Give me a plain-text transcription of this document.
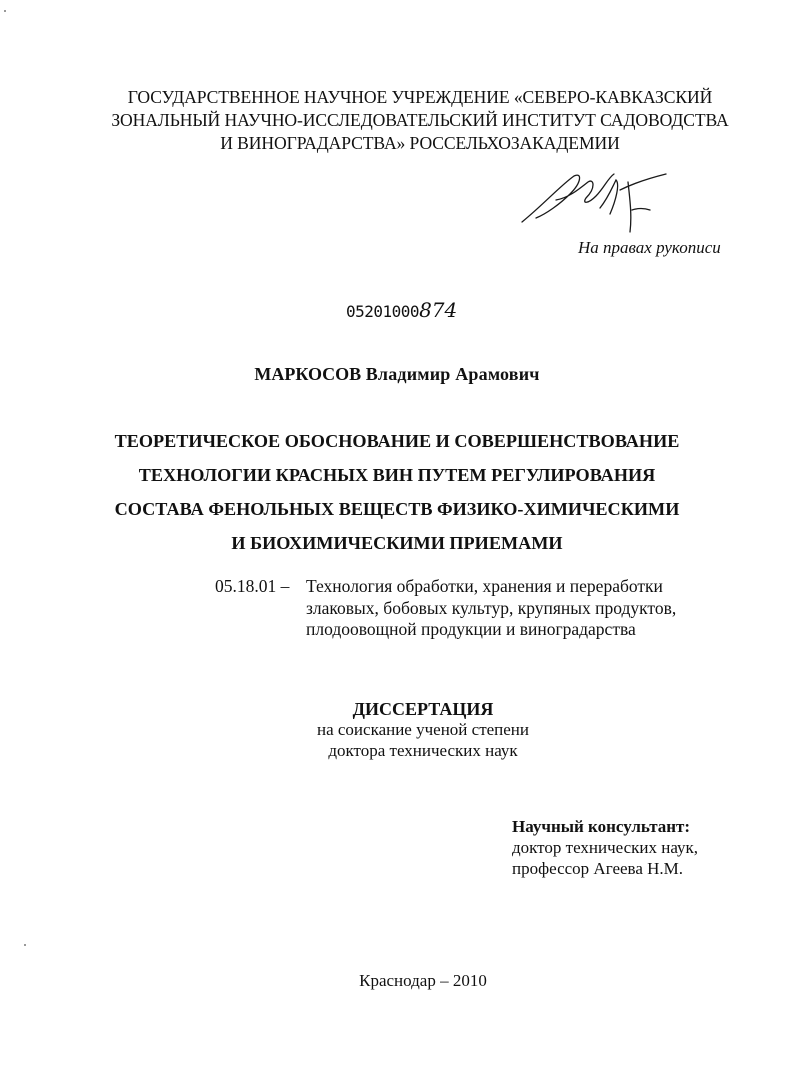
ГОСУДАРСТВЕННОЕ НАУЧНОЕ УЧРЕЖДЕНИЕ «СЕВЕРО-КАВКАЗСКИЙ
ЗОНАЛЬНЫЙ НАУЧНО-ИССЛЕДОВАТЕЛЬСКИЙ ИНСТИТУТ САДОВОДСТВА
И ВИНОГРАДАРСТВА» РОССЕЛЬХОЗАКАДЕМИИ
На правах рукописи
05201000874
МАРКОСОВ Владимир Арамович
ТЕОРЕТИЧЕСКОЕ ОБОСНОВАНИЕ И СОВЕРШЕНСТВОВАНИЕ
ТЕХНОЛОГИИ КРАСНЫХ ВИН ПУТЕМ РЕГУЛИРОВАНИЯ
СОСТАВА ФЕНОЛЬНЫХ ВЕЩЕСТВ ФИЗИКО-ХИМИЧЕСКИМИ
И БИОХИМИЧЕСКИМИ ПРИЕМАМИ
05.18.01 – Технология обработки, хранения и переработки
злаковых, бобовых культур, крупяных продуктов,
плодоовощной продукции и виноградарства
ДИССЕРТАЦИЯ
на соискание ученой степени
доктора технических наук
Научный консультант:
доктор технических наук,
профессор Агеева Н.М.
Краснодар – 2010
